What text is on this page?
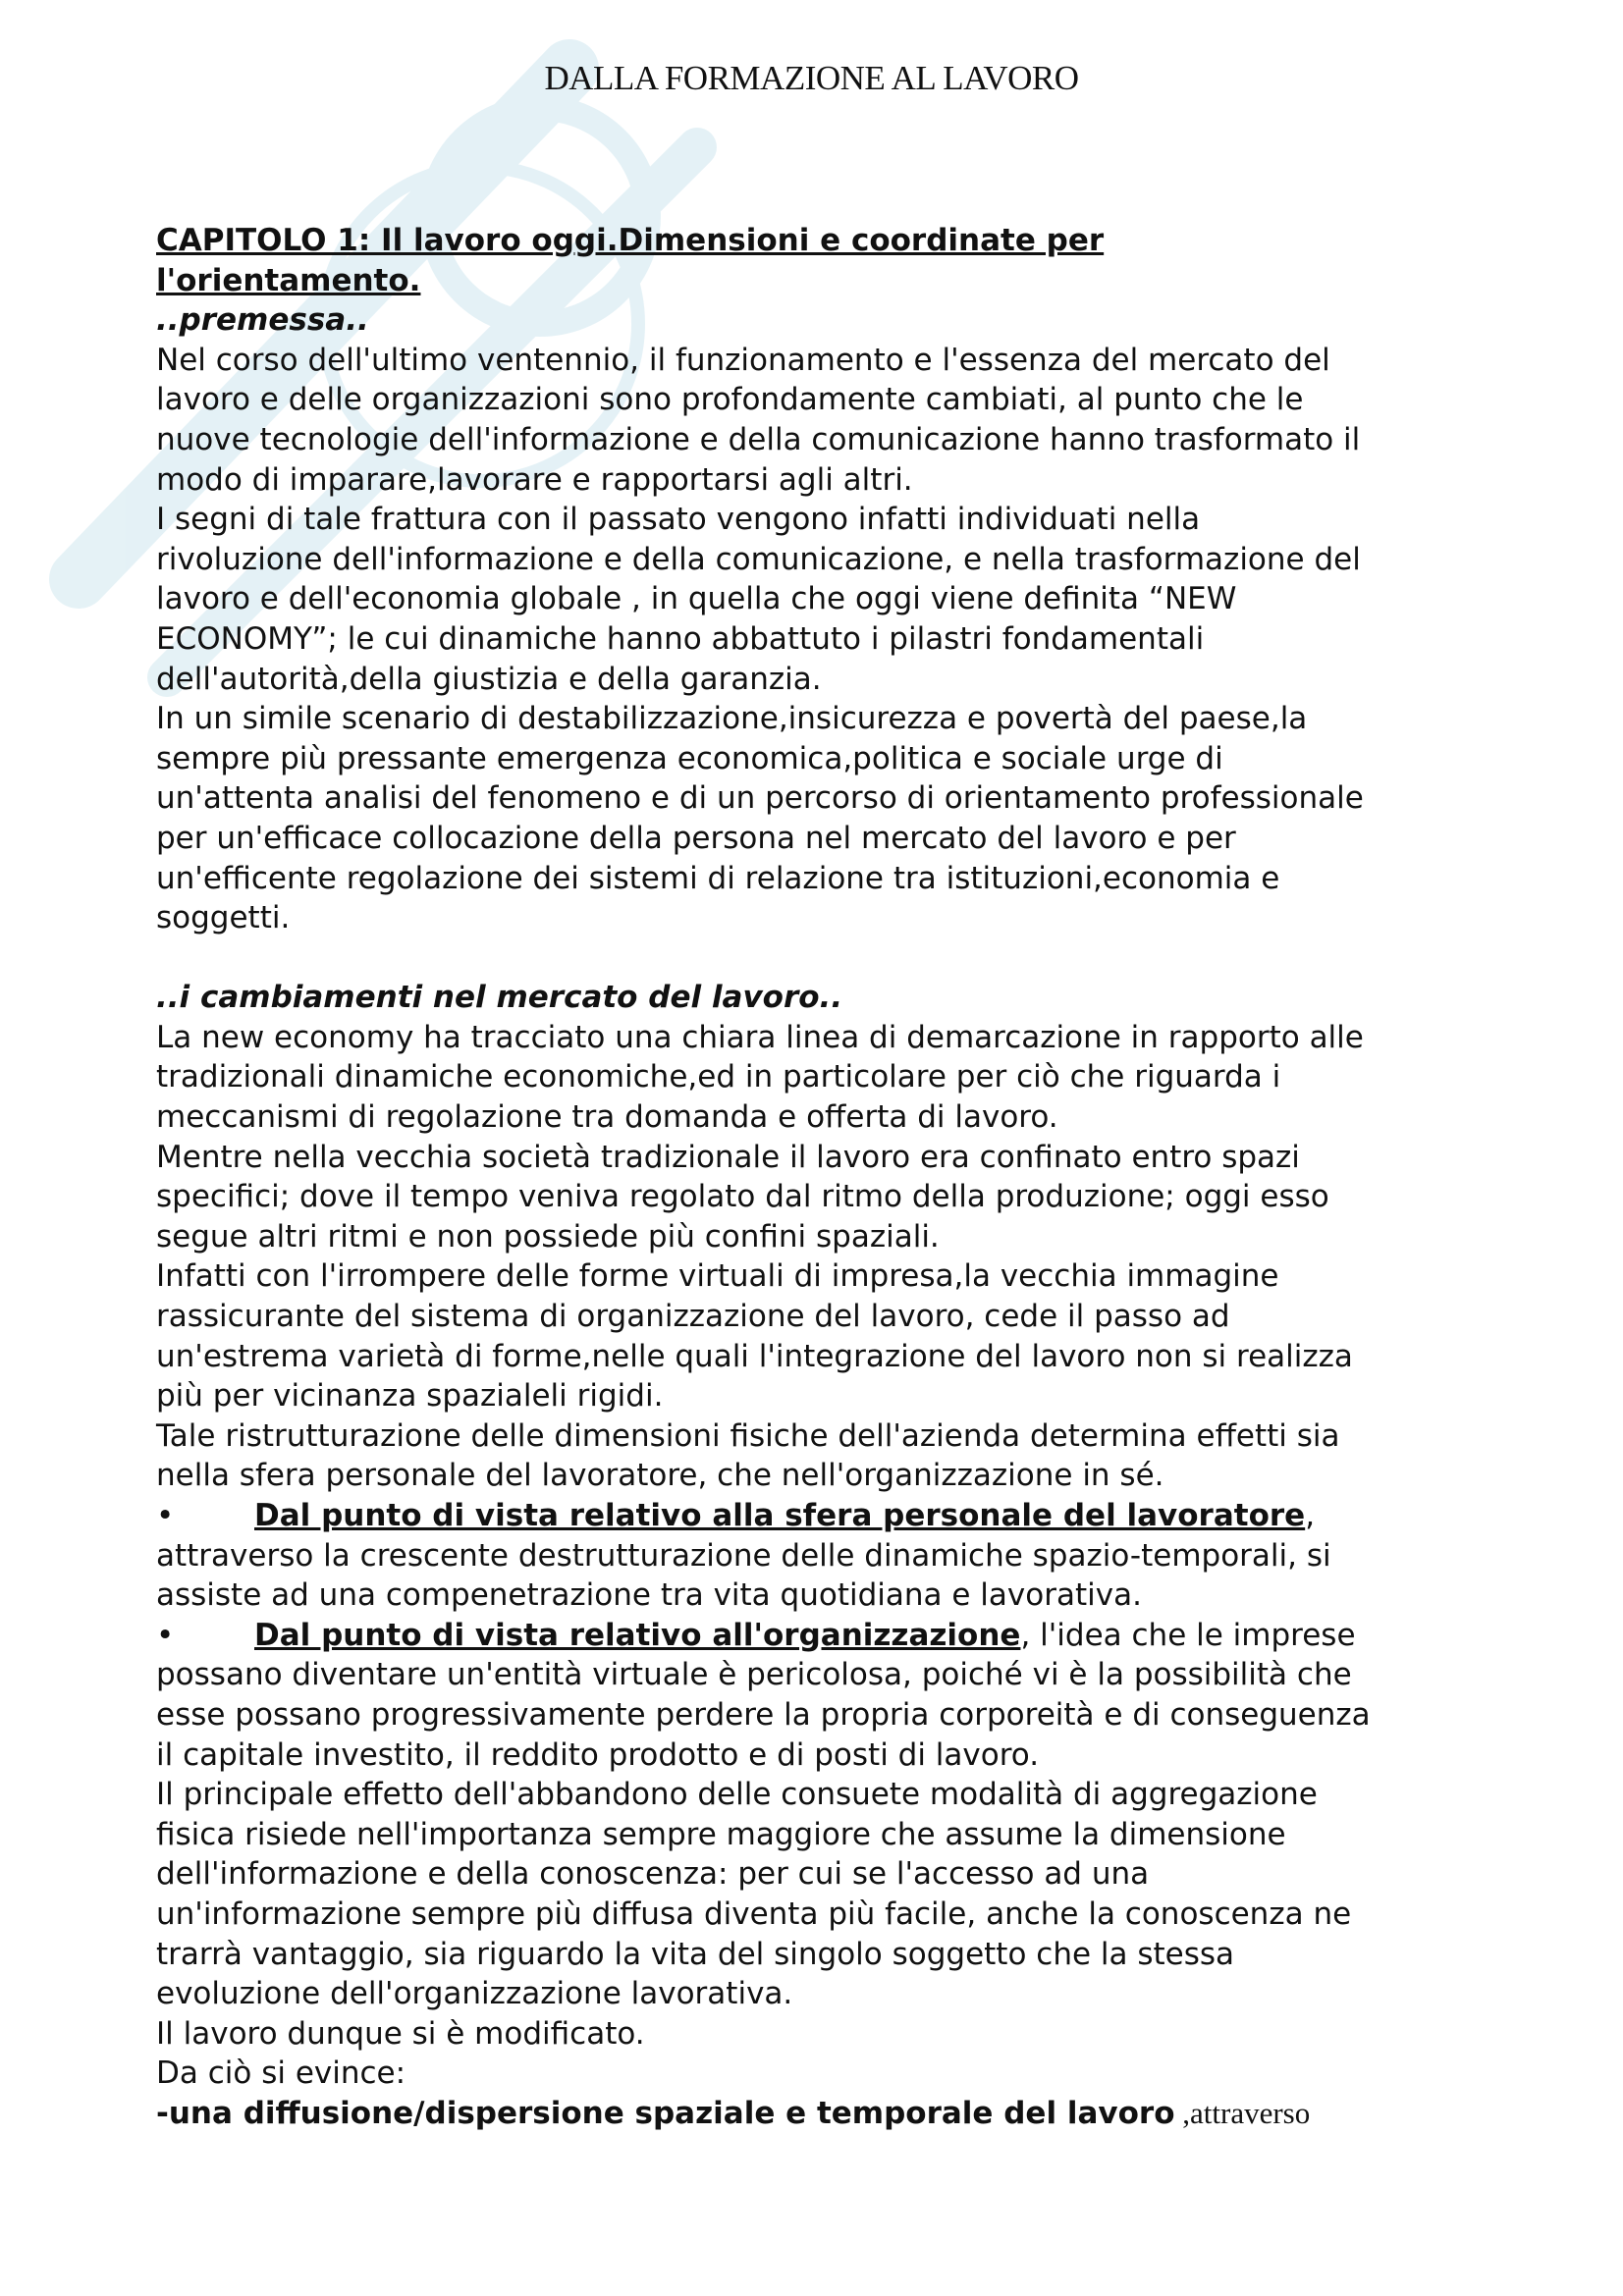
DALLA FORMAZIONE AL LAVORO

CAPITOLO 1: Il lavoro oggi.Dimensioni e coordinate per

l'orientamento.

..premessa..

Nel corso dell'ultimo ventennio, il funzionamento e l'essenza del mercato del

lavoro e delle organizzazioni sono profondamente cambiati, al punto che le

nuove tecnologie dell'informazione e della comunicazione hanno trasformato il

modo di imparare,lavorare e rapportarsi agli altri.

I segni di tale frattura con il passato vengono infatti individuati nella

rivoluzione dell'informazione e della comunicazione, e nella trasformazione del

lavoro e dell'economia globale , in quella che oggi viene definita “NEW

ECONOMY”; le cui dinamiche hanno abbattuto i pilastri fondamentali

dell'autorità,della giustizia e della garanzia.

In un simile scenario di destabilizzazione,insicurezza e povertà del paese,la

sempre più pressante emergenza economica,politica e sociale urge di

un'attenta analisi del fenomeno e di un percorso di orientamento professionale

per un'efficace collocazione della persona nel mercato del lavoro e per

un'efficente regolazione dei sistemi di relazione tra istituzioni,economia e

soggetti.

..i cambiamenti nel mercato del lavoro..

La new economy ha tracciato una chiara linea di demarcazione in rapporto alle

tradizionali dinamiche economiche,ed in particolare per ciò che riguarda i

meccanismi di regolazione tra domanda e offerta di lavoro.

Mentre nella vecchia società tradizionale il lavoro era confinato entro spazi

specifici; dove il tempo veniva regolato dal ritmo della produzione; oggi esso

segue altri ritmi e non possiede più confini spaziali.

Infatti con l'irrompere delle forme virtuali di impresa,la vecchia immagine

rassicurante del sistema di organizzazione del lavoro, cede il passo ad

un'estrema varietà di forme,nelle quali l'integrazione del lavoro non si realizza

più per vicinanza spazialeli rigidi.

Tale ristrutturazione delle dimensioni fisiche dell'azienda determina effetti sia

nella sfera personale del lavoratore, che nell'organizzazione in sé.

•	Dal punto di vista relativo alla sfera personale del lavoratore,

attraverso la crescente destrutturazione delle dinamiche spazio-temporali, si

assiste ad una compenetrazione tra vita quotidiana e lavorativa.

•	Dal punto di vista relativo all'organizzazione, l'idea che le imprese

possano diventare un'entità virtuale è pericolosa, poiché vi è la possibilità che

esse possano progressivamente perdere la propria corporeità e di conseguenza

il capitale investito, il reddito prodotto e di posti di lavoro.

Il principale effetto dell'abbandono delle consuete modalità di aggregazione

fisica risiede nell'importanza sempre maggiore che assume la dimensione

dell'informazione e della conoscenza: per cui se l'accesso ad una

un'informazione sempre più diffusa diventa più facile, anche la conoscenza ne

trarrà vantaggio, sia riguardo la vita del singolo soggetto che la stessa

evoluzione dell'organizzazione lavorativa.

Il lavoro dunque si è modificato.

Da ciò si evince:

-una diffusione/dispersione spaziale e temporale del lavoro ,attraverso
